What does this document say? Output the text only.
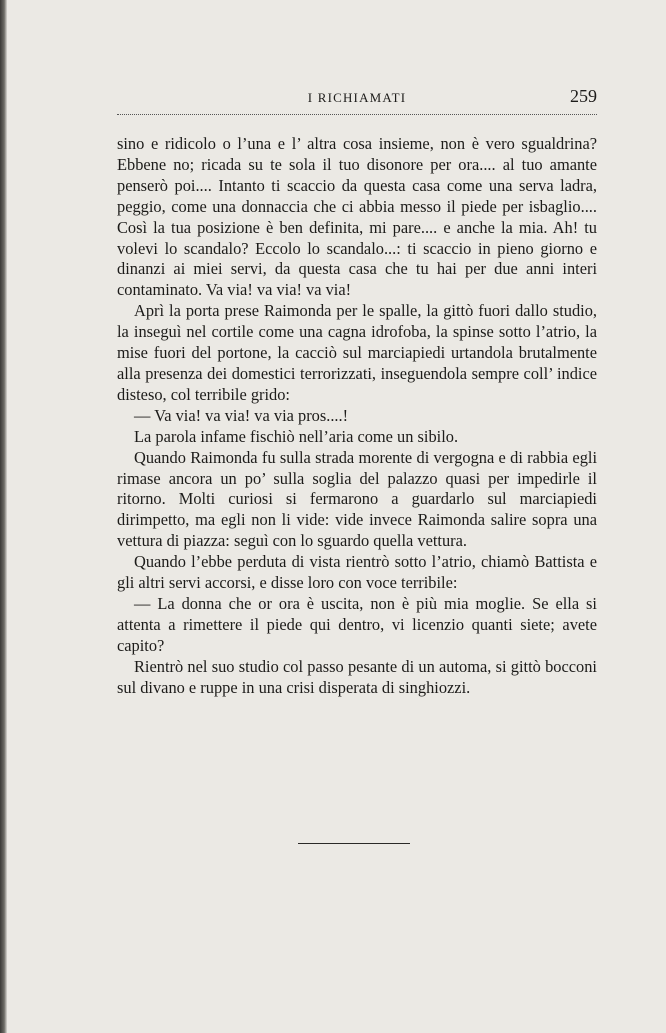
I RICHIAMATI	259

sino e ridicolo o l’una e l’ altra cosa insieme, non è vero sgualdrina? Ebbene no; ricada su te sola il tuo disonore per ora.... al tuo amante penserò poi.... Intanto ti scaccio da questa casa come una serva ladra, peggio, come una donnaccia che ci abbia messo il piede per isbaglio.... Così la tua posizione è ben definita, mi pare.... e anche la mia. Ah! tu volevi lo scandalo? Eccolo lo scandalo...: ti scaccio in pieno giorno e dinanzi ai miei servi, da questa casa che tu hai per due anni interi contaminato. Va via! va via! va via!

Aprì la porta prese Raimonda per le spalle, la gittò fuori dallo studio, la inseguì nel cortile come una cagna idrofoba, la spinse sotto l’atrio, la mise fuori del portone, la cacciò sul marciapiedi urtandola brutalmente alla presenza dei domestici terrorizzati, inseguendola sempre coll’ indice disteso, col terribile grido:

— Va via! va via! va via pros....!

La parola infame fischiò nell’aria come un sibilo.

Quando Raimonda fu sulla strada morente di vergogna e di rabbia egli rimase ancora un po’ sulla soglia del palazzo quasi per impedirle il ritorno. Molti curiosi si fermarono a guardarlo sul marciapiedi dirimpetto, ma egli non li vide: vide invece Raimonda salire sopra una vettura di piazza: seguì con lo sguardo quella vettura.

Quando l’ebbe perduta di vista rientrò sotto l’atrio, chiamò Battista e gli altri servi accorsi, e disse loro con voce terribile:

— La donna che or ora è uscita, non è più mia moglie. Se ella si attenta a rimettere il piede qui dentro, vi licenzio quanti siete; avete capito?

Rientrò nel suo studio col passo pesante di un automa, si gittò bocconi sul divano e ruppe in una crisi disperata di singhiozzi.
